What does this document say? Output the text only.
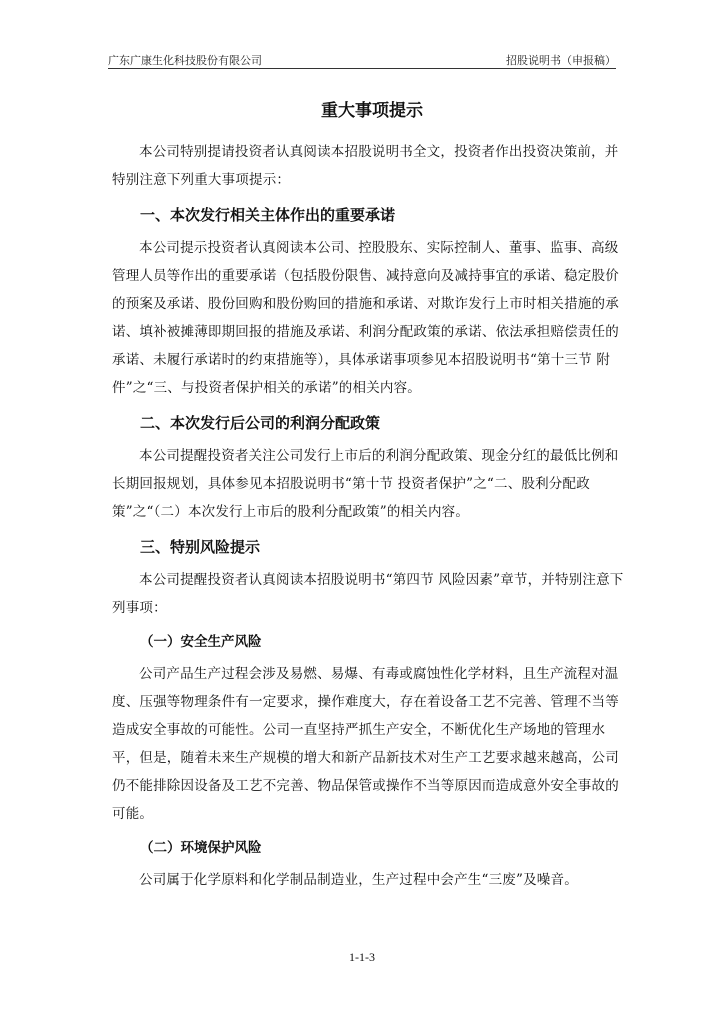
广东广康生化科技股份有限公司	招股说明书（申报稿）
重大事项提示

本公司特别提请投资者认真阅读本招股说明书全文，投资者作出投资决策前，并特别注意下列重大事项提示：

一、本次发行相关主体作出的重要承诺

本公司提示投资者认真阅读本公司、控股股东、实际控制人、董事、监事、高级管理人员等作出的重要承诺（包括股份限售、减持意向及减持事宜的承诺、稳定股价的预案及承诺、股份回购和股份购回的措施和承诺、对欺诈发行上市时相关措施的承诺、填补被摊薄即期回报的措施及承诺、利润分配政策的承诺、依法承担赔偿责任的承诺、未履行承诺时的约束措施等），具体承诺事项参见本招股说明书“第十三节 附件”之“三、与投资者保护相关的承诺”的相关内容。

二、本次发行后公司的利润分配政策

本公司提醒投资者关注公司发行上市后的利润分配政策、现金分红的最低比例和长期回报规划，具体参见本招股说明书“第十节 投资者保护”之“二、股利分配政策”之“（二）本次发行上市后的股利分配政策”的相关内容。

三、特别风险提示

本公司提醒投资者认真阅读本招股说明书“第四节 风险因素”章节，并特别注意下列事项：

（一）安全生产风险

公司产品生产过程会涉及易燃、易爆、有毒或腐蚀性化学材料，且生产流程对温度、压强等物理条件有一定要求，操作难度大，存在着设备工艺不完善、管理不当等造成安全事故的可能性。公司一直坚持严抓生产安全，不断优化生产场地的管理水平，但是，随着未来生产规模的增大和新产品新技术对生产工艺要求越来越高，公司仍不能排除因设备及工艺不完善、物品保管或操作不当等原因而造成意外安全事故的可能。

（二）环境保护风险

公司属于化学原料和化学制品制造业，生产过程中会产生“三废”及噪音。

1-1-3
